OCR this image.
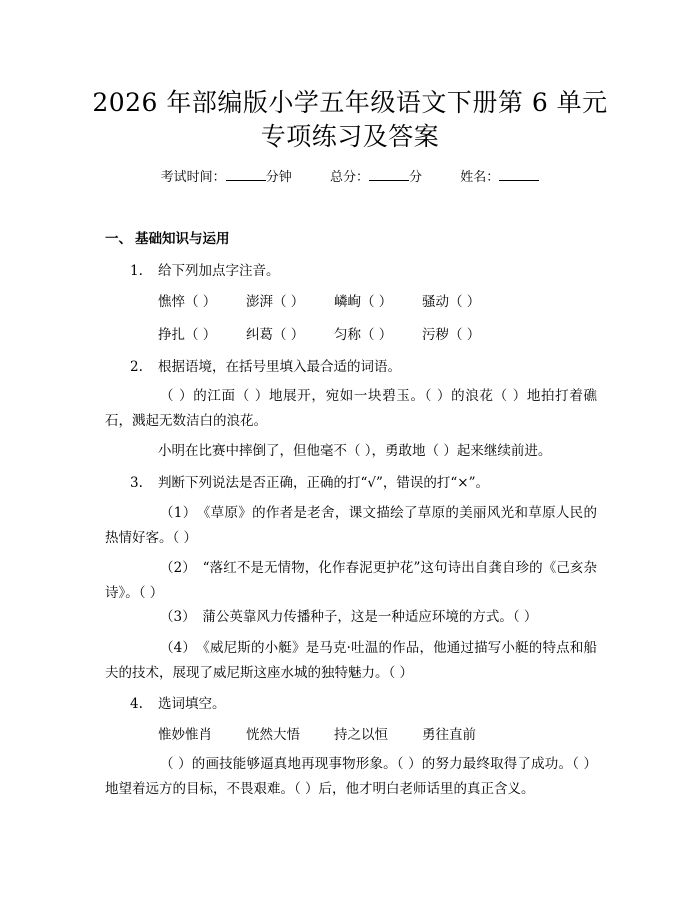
2026 年部编版小学五年级语文下册第 6 单元
专项练习及答案
考试时间：	分钟	总分：	分	姓名：
一、 基础知识与运用
1. 给下列加点字注音。
憔悴（ ） 澎湃（ ） 嶙峋（ ） 骚动（ ）
挣扎（ ） 纠葛（ ） 匀称（ ） 污秽（ ）
2. 根据语境，在括号里填入最合适的词语。
（ ）的江面（ ）地展开，宛如一块碧玉。（ ）的浪花（ ）地拍打着礁石，溅起无数洁白的浪花。
小明在比赛中摔倒了，但他毫不（ ），勇敢地（ ）起来继续前进。
3. 判断下列说法是否正确，正确的打“√”，错误的打“×”。
（1）　《草原》的作者是老舍，课文描绘了草原的美丽风光和草原人民的热情好客。（ ）
（2）　“落红不是无情物，化作春泥更护花”这句诗出自龚自珍的《己亥杂诗》。（ ）
（3）　蒲公英靠风力传播种子，这是一种适应环境的方式。（ ）
（4）　《威尼斯的小艇》是马克·吐温的作品，他通过描写小艇的特点和船夫的技术，展现了威尼斯这座水城的独特魅力。（ ）
4. 选词填空。
惟妙惟肖	恍然大悟	持之以恒	勇往直前
（ ）的画技能够逼真地再现事物形象。（ ）的努力最终取得了成功。（ ）地望着远方的目标，不畏艰难。（ ）后，他才明白老师话里的真正含义。
